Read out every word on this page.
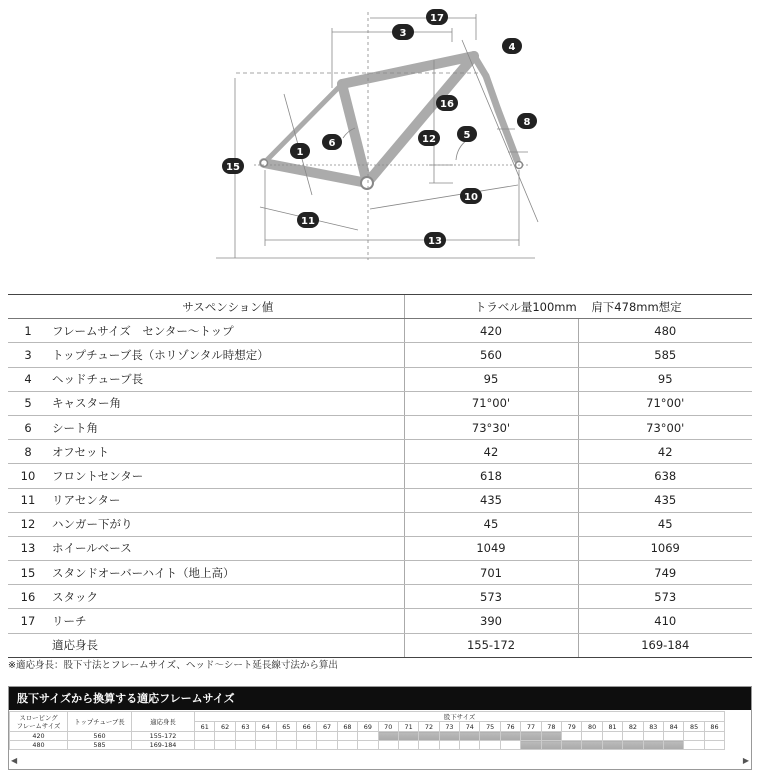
17
3
4
16
1
6	12	5
8
15
10
11
13
	サスペンション値	トラベル量100mm 肩下478mm想定	
1	フレームサイズ　センター〜トップ	420	480
3	トップチューブ長（ホリゾンタル時想定）	560	585
4	ヘッドチューブ長	95	95
5	キャスター角	71°00'	71°00'
6	シート角	73°30'	73°00'
8	オフセット	42	42
10	フロントセンター	618	638
11	リアセンター	435	435
12	ハンガー下がり	45	45
13	ホイールベース	1049	1069
15	スタンドオーバーハイト（地上高）	701	749
16	スタック	573	573
17	リーチ	390	410
	適応身長	155-172	169-184
※適応身長：股下寸法とフレームサイズ、ヘッド〜シート延長線寸法から算出
股下サイズから換算する適応フレームサイズ
スローピング
フレームサイズ	トップチューブ長	適応身長	股下サイズ																									
			61	62	63	64	65	66	67	68	69	70	71	72	73	74	75	76	77	78	79	80	81	82	83	84	85	86
420	560	155-172																										
480	585	169-184																										
◀	▶
